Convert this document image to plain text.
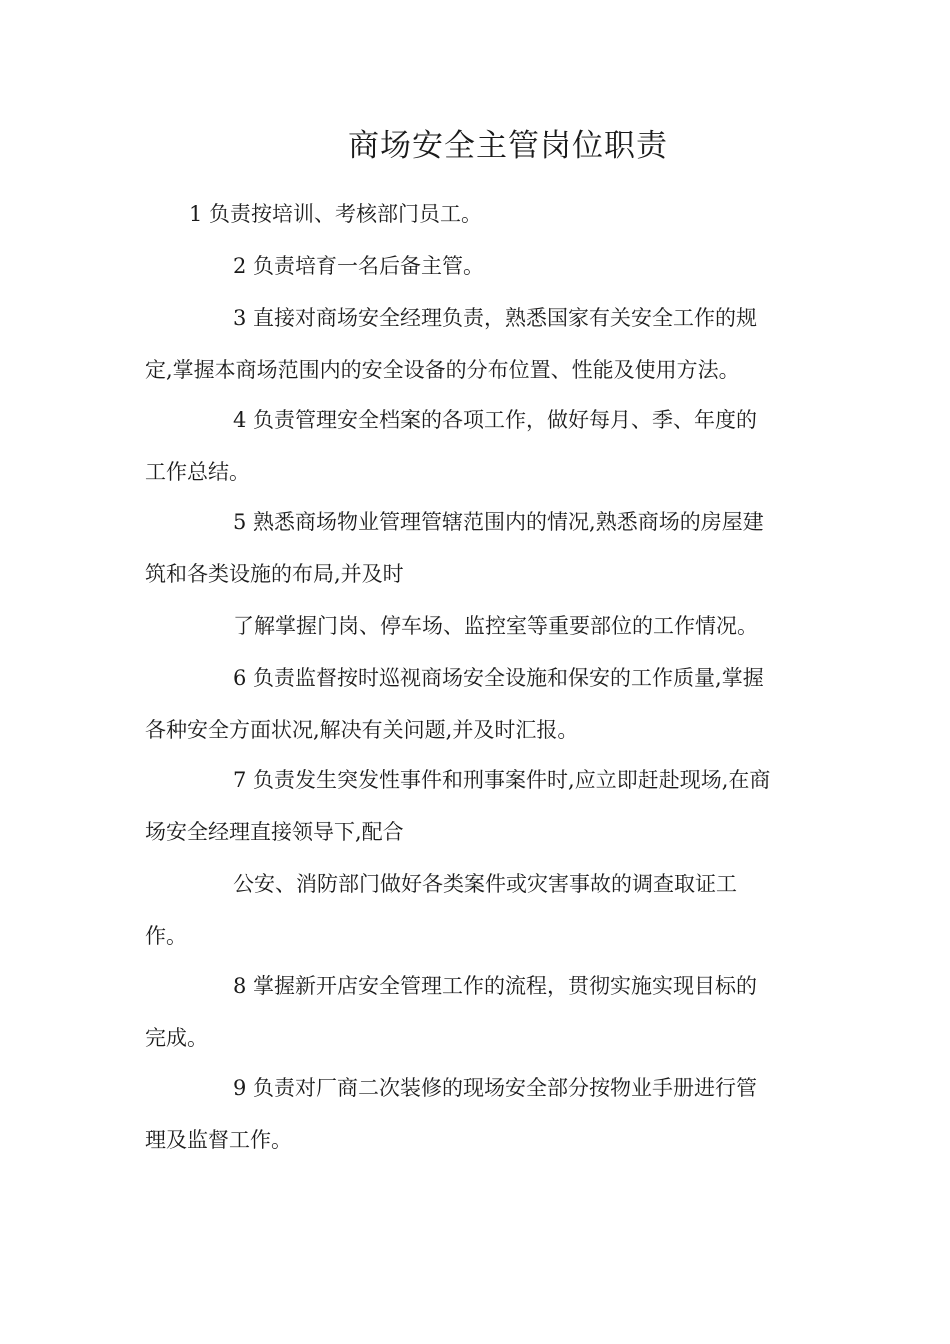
商场安全主管岗位职责
1 负责按培训、考核部门员工。
2 负责培育一名后备主管。
3 直接对商场安全经理负责，熟悉国家有关安全工作的规
定,掌握本商场范围内的安全设备的分布位置、性能及使用方法。
4 负责管理安全档案的各项工作，做好每月、季、年度的
工作总结。
5 熟悉商场物业管理管辖范围内的情况,熟悉商场的房屋建
筑和各类设施的布局,并及时
了解掌握门岗、停车场、监控室等重要部位的工作情况。
6 负责监督按时巡视商场安全设施和保安的工作质量,掌握
各种安全方面状况,解决有关问题,并及时汇报。
7 负责发生突发性事件和刑事案件时,应立即赶赴现场,在商
场安全经理直接领导下,配合
公安、消防部门做好各类案件或灾害事故的调查取证工
作。
8 掌握新开店安全管理工作的流程，贯彻实施实现目标的
完成。
9 负责对厂商二次装修的现场安全部分按物业手册进行管
理及监督工作。
